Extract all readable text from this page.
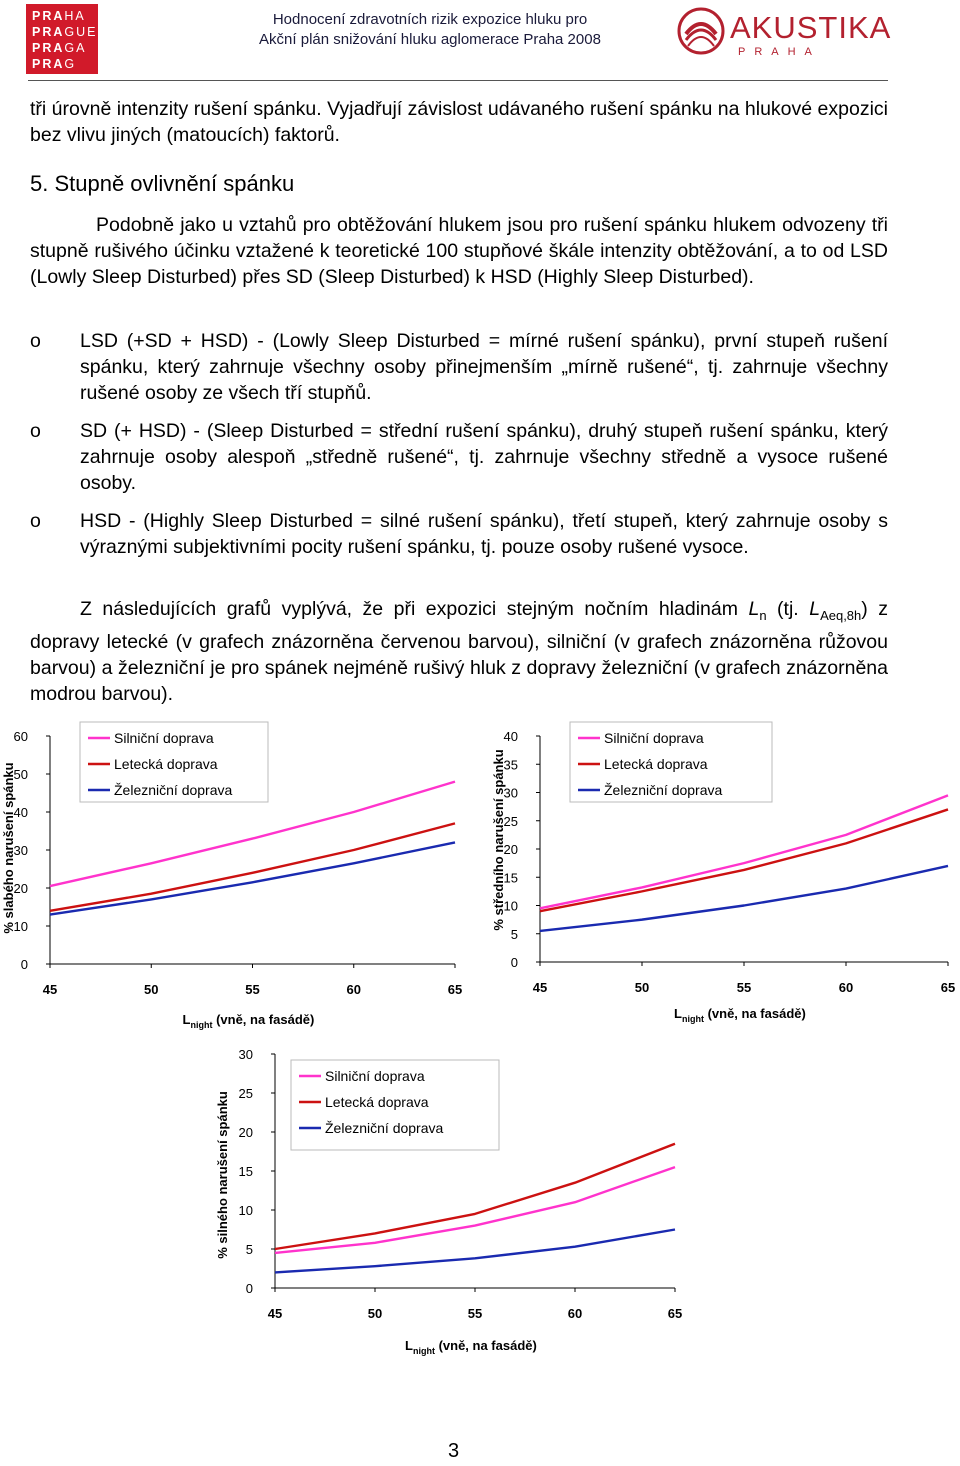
PRA HA
PRA GUE
PRA GA
PRA G
Hodnocení zdravotních rizik expozice hluku pro
Akční plán snižování hluku aglomerace Praha 2008	AKUSTIKA
PRAHA
tři úrovně intenzity rušení spánku. Vyjadřují závislost udávaného rušení spánku na hlukové expozici bez vlivu jiných (matoucích) faktorů.
5. Stupně ovlivnění spánku
Podobně jako u vztahů pro obtěžování hlukem jsou pro rušení spánku hlukem odvozeny tři stupně rušivého účinku vztažené k teoretické 100 stupňové škále intenzity obtěžování, a to od LSD (Lowly Sleep Disturbed) přes SD (Sleep Disturbed) k HSD (Highly Sleep Disturbed).
o LSD (+SD + HSD) - (Lowly Sleep Disturbed = mírné rušení spánku), první stupeň rušení spánku, který zahrnuje všechny osoby přinejmenším „mírně rušené“, tj. zahrnuje všechny rušené osoby ze všech tří stupňů.
o SD (+ HSD) - (Sleep Disturbed = střední rušení spánku), druhý stupeň rušení spánku, který zahrnuje osoby alespoň „středně rušené“, tj. zahrnuje všechny středně a vysoce rušené osoby.
o HSD - (Highly Sleep Disturbed = silné rušení spánku), třetí stupeň, který zahrnuje osoby s výraznými subjektivními pocity rušení spánku, tj. pouze osoby rušené vysoce.
Z následujících grafů vyplývá, že při expozici stejným nočním hladinám $L_n$ (tj. $L_{Aeq,8h}$) z dopravy letecké (v grafech znázorněna červenou barvou), silniční (v grafech znázorněna růžovou barvou) a železniční je pro spánek nejméně rušivý hluk z dopravy železniční (v grafech znázorněna modrou barvou).
0
10
20
30
40
50
60
45	50	55	60	65
% slabého narušení spánku
$L_{night}$ (vně, na fasádě)
Silniční doprava
Letecká doprava
Železniční doprava
0
5
10
15
20
25
30
35
40
45	50	55	60	65
% středního narušení spánku
$L_{night}$ (vně, na fasádě)
Silniční doprava
Letecká doprava
Železniční doprava
0
5
10
15
20
25
30
45	50	55	60	65
% silného narušení spánku
$L_{night}$ (vně, na fasádě)
Silniční doprava
Letecká doprava
Železniční doprava
3
